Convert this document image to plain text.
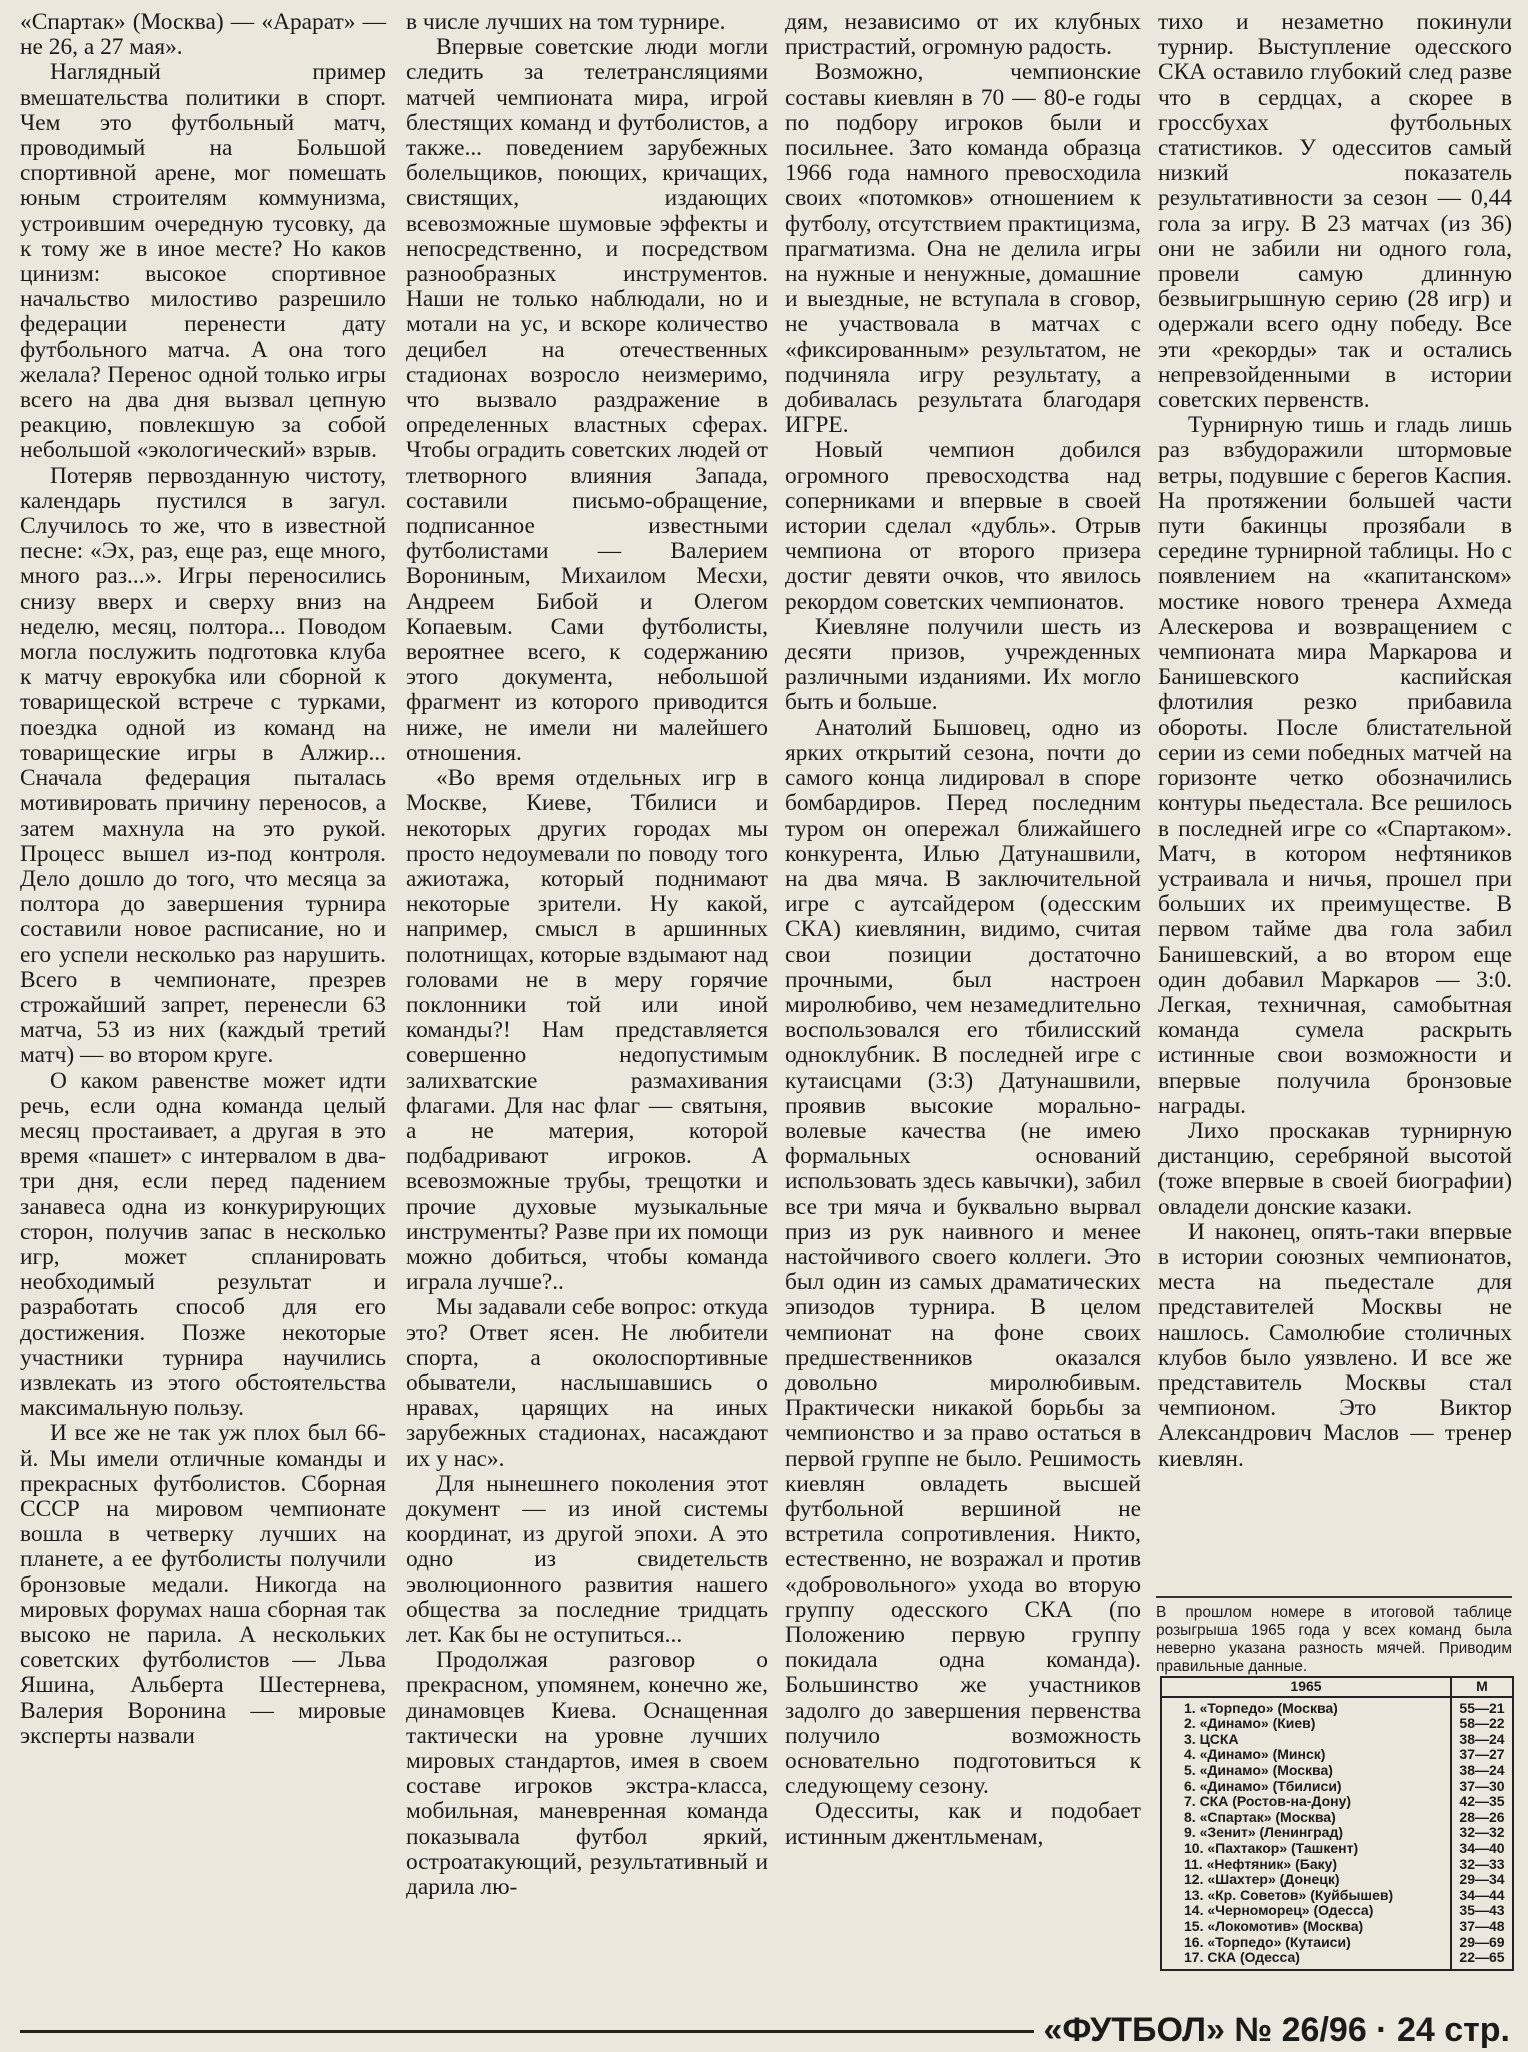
«Спартак» (Москва) — «Арарат» — не 26, а 27 мая».

Наглядный пример вмешательства политики в спорт. Чем это футбольный матч, проводимый на Большой спортивной арене, мог помешать юным строителям коммунизма, устроившим очередную тусовку, да к тому же в иное месте? Но каков цинизм: высокое спортивное начальство милостиво разрешило федерации перенести дату футбольного матча. А она того желала? Перенос одной только игры всего на два дня вызвал цепную реакцию, повлекшую за собой небольшой «экологический» взрыв.

Потеряв первозданную чистоту, календарь пустился в загул. Случилось то же, что в известной песне: «Эх, раз, еще раз, еще много, много раз...». Игры переносились снизу вверх и сверху вниз на неделю, месяц, полтора... Поводом могла послужить подготовка клуба к матчу еврокубка или сборной к товарищеской встрече с турками, поездка одной из команд на товарищеские игры в Алжир... Сначала федерация пыталась мотивировать причину переносов, а затем махнула на это рукой. Процесс вышел из-под контроля. Дело дошло до того, что месяца за полтора до завершения турнира составили новое расписание, но и его успели несколько раз нарушить. Всего в чемпионате, презрев строжайший запрет, перенесли 63 матча, 53 из них (каждый третий матч) — во втором круге.

О каком равенстве может идти речь, если одна команда целый месяц простаивает, а другая в это время «пашет» с интервалом в два-три дня, если перед падением занавеса одна из конкурирующих сторон, получив запас в несколько игр, может спланировать необходимый результат и разработать способ для его достижения. Позже некоторые участники турнира научились извлекать из этого обстоятельства максимальную пользу.

И все же не так уж плох был 66-й. Мы имели отличные команды и прекрасных футболистов. Сборная СССР на мировом чемпионате вошла в четверку лучших на планете, а ее футболисты получили бронзовые медали. Никогда на мировых форумах наша сборная так высоко не парила. А нескольких советских футболистов — Льва Яшина, Альберта Шестернева, Валерия Воронина — мировые эксперты назвали

в числе лучших на том турнире.

Впервые советские люди могли следить за телетрансляциями матчей чемпионата мира, игрой блестящих команд и футболистов, а также... поведением зарубежных болельщиков, поющих, кричащих, свистящих, издающих всевозможные шумовые эффекты и непосредственно, и посредством разнообразных инструментов. Наши не только наблюдали, но и мотали на ус, и вскоре количество децибел на отечественных стадионах возросло неизмеримо, что вызвало раздражение в определенных властных сферах. Чтобы оградить советских людей от тлетворного влияния Запада, составили письмо-обращение, подписанное известными футболистами — Валерием Ворониным, Михаилом Месхи, Андреем Бибой и Олегом Копаевым. Сами футболисты, вероятнее всего, к содержанию этого документа, небольшой фрагмент из которого приводится ниже, не имели ни малейшего отношения.

«Во время отдельных игр в Москве, Киеве, Тбилиси и некоторых других городах мы просто недоумевали по поводу того ажиотажа, который поднимают некоторые зрители. Ну какой, например, смысл в аршинных полотнищах, которые вздымают над головами не в меру горячие поклонники той или иной команды?! Нам представляется совершенно недопустимым залихватские размахивания флагами. Для нас флаг — святыня, а не материя, которой подбадривают игроков. А всевозможные трубы, трещотки и прочие духовые музыкальные инструменты? Разве при их помощи можно добиться, чтобы команда играла лучше?..

Мы задавали себе вопрос: откуда это? Ответ ясен. Не любители спорта, а околоспортивные обыватели, наслышавшись о нравах, царящих на иных зарубежных стадионах, насаждают их у нас».

Для нынешнего поколения этот документ — из иной системы координат, из другой эпохи. А это одно из свидетельств эволюционного развития нашего общества за последние тридцать лет. Как бы не оступиться...

Продолжая разговор о прекрасном, упомянем, конечно же, динамовцев Киева. Оснащенная тактически на уровне лучших мировых стандартов, имея в своем составе игроков экстра-класса, мобильная, маневренная команда показывала футбол яркий, остроатакующий, результативный и дарила лю-

дям, независимо от их клубных пристрастий, огромную радость.

Возможно, чемпионские составы киевлян в 70 — 80-е годы по подбору игроков были и посильнее. Зато команда образца 1966 года намного превосходила своих «потомков» отношением к футболу, отсутствием практицизма, прагматизма. Она не делила игры на нужные и ненужные, домашние и выездные, не вступала в сговор, не участвовала в матчах с «фиксированным» результатом, не подчиняла игру результату, а добивалась результата благодаря ИГРЕ.

Новый чемпион добился огромного превосходства над соперниками и впервые в своей истории сделал «дубль». Отрыв чемпиона от второго призера достиг девяти очков, что явилось рекордом советских чемпионатов.

Киевляне получили шесть из десяти призов, учрежденных различными изданиями. Их могло быть и больше.

Анатолий Бышовец, одно из ярких открытий сезона, почти до самого конца лидировал в споре бомбардиров. Перед последним туром он опережал ближайшего конкурента, Илью Датунашвили, на два мяча. В заключительной игре с аутсайдером (одесским СКА) киевлянин, видимо, считая свои позиции достаточно прочными, был настроен миролюбиво, чем незамедлительно воспользовался его тбилисский одноклубник. В последней игре с кутаисцами (3:3) Датунашвили, проявив высокие морально-волевые качества (не имею формальных оснований использовать здесь кавычки), забил все три мяча и буквально вырвал приз из рук наивного и менее настойчивого своего коллеги. Это был один из самых драматических эпизодов турнира. В целом чемпионат на фоне своих предшественников оказался довольно миролюбивым. Практически никакой борьбы за чемпионство и за право остаться в первой группе не было. Решимость киевлян овладеть высшей футбольной вершиной не встретила сопротивления. Никто, естественно, не возражал и против «добровольного» ухода во вторую группу одесского СКА (по Положению первую группу покидала одна команда). Большинство же участников задолго до завершения первенства получило возможность основательно подготовиться к следующему сезону.

Одесситы, как и подобает истинным джентльменам,

тихо и незаметно покинули турнир. Выступление одесского СКА оставило глубокий след разве что в сердцах, а скорее в гроссбухах футбольных статистиков. У одесситов самый низкий показатель результативности за сезон — 0,44 гола за игру. В 23 матчах (из 36) они не забили ни одного гола, провели самую длинную безвыигрышную серию (28 игр) и одержали всего одну победу. Все эти «рекорды» так и остались непревзойденными в истории советских первенств.

Турнирную тишь и гладь лишь раз взбудоражили штормовые ветры, подувшие с берегов Каспия. На протяжении большей части пути бакинцы прозябали в середине турнирной таблицы. Но с появлением на «капитанском» мостике нового тренера Ахмеда Алескерова и возвращением с чемпионата мира Маркарова и Банишевского каспийская флотилия резко прибавила обороты. После блистательной серии из семи победных матчей на горизонте четко обозначились контуры пьедестала. Все решилось в последней игре со «Спартаком». Матч, в котором нефтяников устраивала и ничья, прошел при больших их преимуществе. В первом тайме два гола забил Банишевский, а во втором еще один добавил Маркаров — 3:0. Легкая, техничная, самобытная команда сумела раскрыть истинные свои возможности и впервые получила бронзовые награды.

Лихо проскакав турнирную дистанцию, серебряной высотой (тоже впервые в своей биографии) овладели донские казаки.

И наконец, опять-таки впервые в истории союзных чемпионатов, места на пьедестале для представителей Москвы не нашлось. Самолюбие столичных клубов было уязвлено. И все же представитель Москвы стал чемпионом. Это Виктор Александрович Маслов — тренер киевлян.

В прошлом номере в итоговой таблице розыгрыша 1965 года у всех команд была неверно указана разность мячей. Приводим правильные данные.
1965	М
1. «Торпедо» (Москва)
2. «Динамо» (Киев)
3. ЦСКА
4. «Динамо» (Минск)
5. «Динамо» (Москва)
6. «Динамо» (Тбилиси)
7. СКА (Ростов-на-Дону)
8. «Спартак» (Москва)
9. «Зенит» (Ленинград)
10. «Пахтакор» (Ташкент)
11. «Нефтяник» (Баку)
12. «Шахтер» (Донецк)
13. «Кр. Советов» (Куйбышев)
14. «Черноморец» (Одесса)
15. «Локомотив» (Москва)
16. «Торпедо» (Кутаиси)
17. СКА (Одесса)
55—21
58—22
38—24
37—27
38—24
37—30
42—35
28—26
32—32
34—40
32—33
29—34
34—44
35—43
37—48
29—69
22—65
«ФУТБОЛ» № 26/96 · 24 стр.
